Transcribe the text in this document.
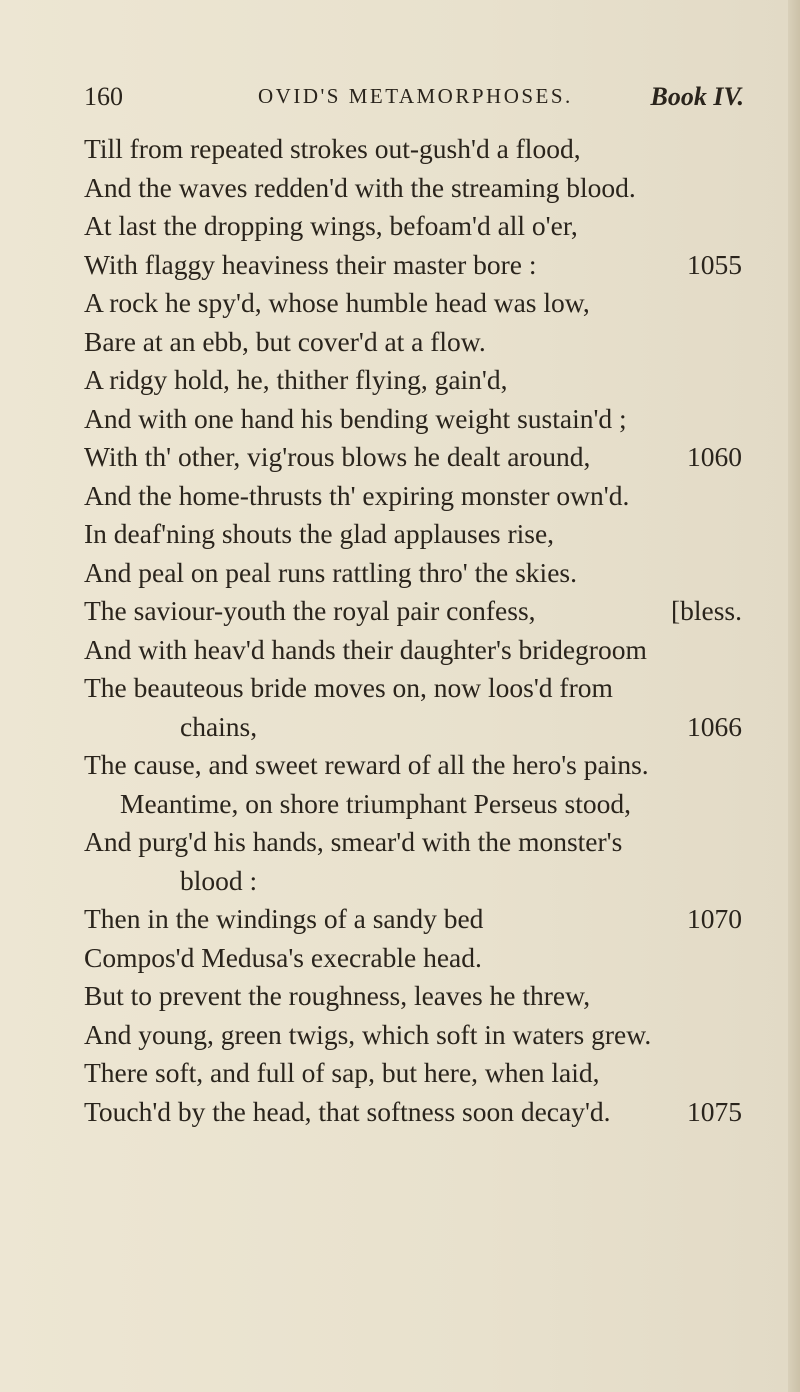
160	OVID'S METAMORPHOSES.	Book IV.
Till from repeated strokes out-gush'd a flood,
And the waves redden'd with the streaming blood.
At last the dropping wings, befoam'd all o'er,
With flaggy heaviness their master bore :	1055
A rock he spy'd, whose humble head was low,
Bare at an ebb, but cover'd at a flow.
A ridgy hold, he, thither flying, gain'd,
And with one hand his bending weight sustain'd ;
With th' other, vig'rous blows he dealt around,	1060
And the home-thrusts th' expiring monster own'd.
In deaf'ning shouts the glad applauses rise,
And peal on peal runs rattling thro' the skies.
The saviour-youth the royal pair confess,	[bless.
And with heav'd hands their daughter's bridegroom
The beauteous bride moves on, now loos'd from
chains,	1066
The cause, and sweet reward of all the hero's pains.
Meantime, on shore triumphant Perseus stood,
And purg'd his hands, smear'd with the monster's
blood :
Then in the windings of a sandy bed	1070
Compos'd Medusa's execrable head.
But to prevent the roughness, leaves he threw,
And young, green twigs, which soft in waters grew.
There soft, and full of sap, but here, when laid,
Touch'd by the head, that softness soon decay'd.	1075
